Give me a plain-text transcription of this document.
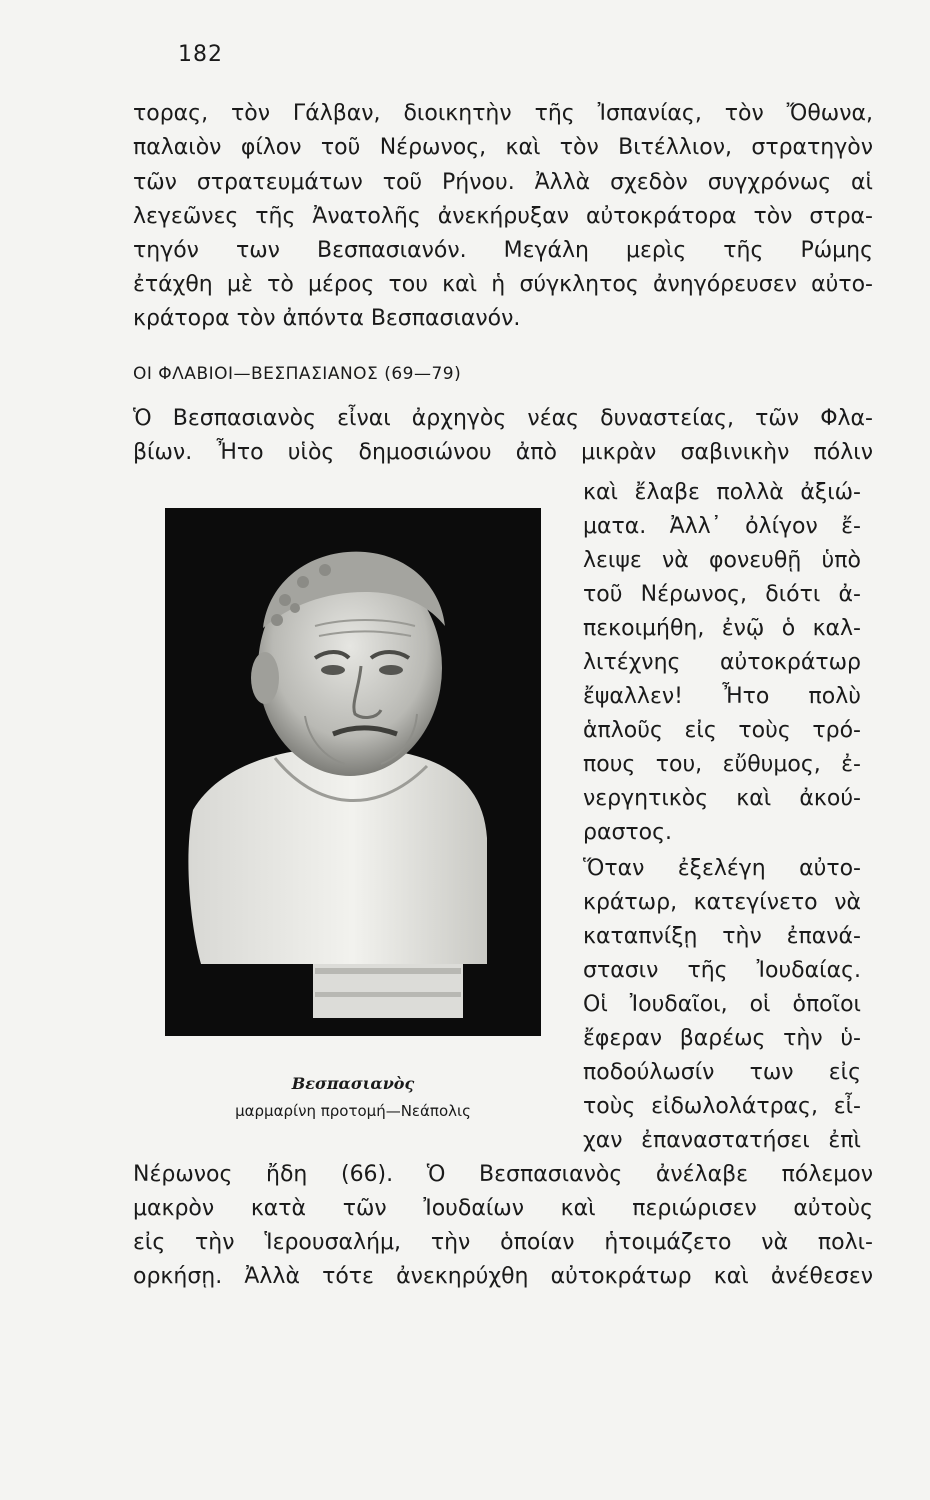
182
τορας, τὸν Γάλβαν, διοικητὴν τῆς Ἰσπανίας, τὸν Ὄθωνα,
παλαιὸν φίλον τοῦ Νέρωνος, καὶ τὸν Βιτέλλιον, στρατηγὸν
τῶν στρατευμάτων τοῦ Ρήνου. Ἀλλὰ σχεδὸν συγχρόνως αἱ
λεγεῶνες τῆς Ἀνατολῆς ἀνεκήρυξαν αὐτοκράτορα τὸν στρα-
τηγόν των Βεσπασιανόν. Μεγάλη μερὶς τῆς Ρώμης
ἐτάχθη μὲ τὸ μέρος του καὶ ἡ σύγκλητος ἀνηγόρευσεν αὐτο-
κράτορα τὸν ἀπόντα Βεσπασιανόν.
ΟΙ ΦΛΑΒΙΟΙ—ΒΕΣΠΑΣΙΑΝΟΣ (69—79)
Ὁ Βεσπασιανὸς εἶναι ἀρχηγὸς νέας δυναστείας, τῶν Φλα-
βίων. Ἦτο υἱὸς δημοσιώνου ἀπὸ μικρὰν σαβινικὴν πόλιν
καὶ ἔλαβε πολλὰ ἀξιώ-
ματα. Ἀλλ᾽ ὀλίγον ἔ-
λειψε νὰ φονευθῇ ὑπὸ
τοῦ Νέρωνος, διότι ἀ-
πεκοιμήθη, ἐνῷ ὁ καλ-
λιτέχνης αὐτοκράτωρ
ἔψαλλεν! Ἦτο πολὺ
ἁπλοῦς εἰς τοὺς τρό-
πους του, εὔθυμος, ἐ-
νεργητικὸς καὶ ἀκού-
ραστος.
Ὅταν ἐξελέγη αὐτο-
κράτωρ, κατεγίνετο νὰ
καταπνίξῃ τὴν ἐπανά-
στασιν τῆς Ἰουδαίας.
Οἱ Ἰουδαῖοι, οἱ ὁποῖοι
ἔφεραν βαρέως τὴν ὑ-
ποδούλωσίν των εἰς
τοὺς εἰδωλολάτρας, εἶ-
χαν ἐπαναστατήσει ἐπὶ
Νέρωνος ἤδη (66). Ὁ Βεσπασιανὸς ἀνέλαβε πόλεμον
μακρὸν κατὰ τῶν Ἰουδαίων καὶ περιώρισεν αὐτοὺς
εἰς τὴν Ἱερουσαλήμ, τὴν ὁποίαν ἡτοιμάζετο νὰ πολι-
ορκήσῃ. Ἀλλὰ τότε ἀνεκηρύχθη αὐτοκράτωρ καὶ ἀνέθεσεν
Βεσπασιανὸς
μαρμαρίνη προτομή—Νεάπολις
